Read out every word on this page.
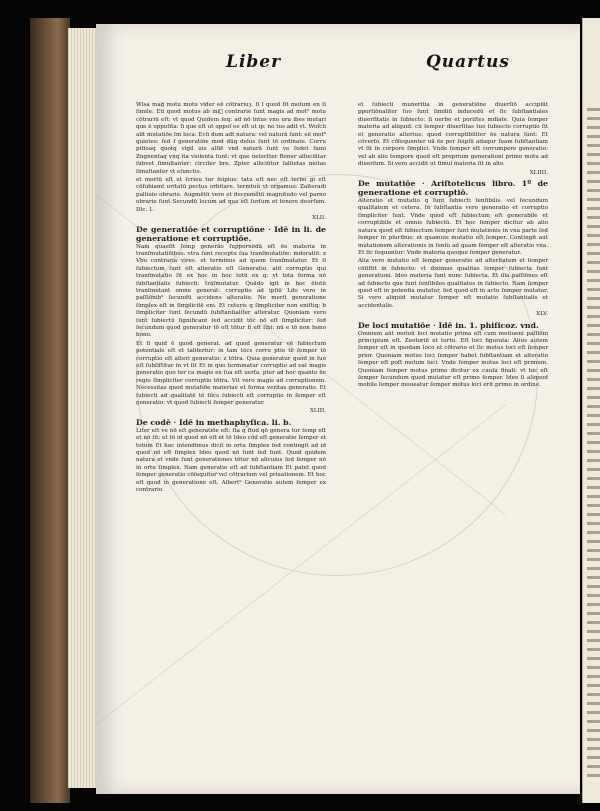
Liber	Quartus
Wlsa maḡ motu motu vider eē cōtrariuȝ. ſi ſ quod ſit motum en ſi ſimile: Eti quod motus ab iniᷤ contrarie ſunt magis ad mot⁹ motu cōtrariū eſt: vt quod Quidem ſeq: ad nō intus vno ura ibes mutari que ē oppoſita: ſi que eſt ut oppoſ ee eſt ut ip: no tus adit vt. Woſcli alit mutatiōe ſm loca: Ecū dum adt natura: vel naturā ſunt: eē mot⁹ quietes: ſed f generatiōe mod dūq delus ſunt tō ordinate. Corru pitioaq quotq vigil uis alſiē vnd naturā ſunt ve ſedet ſumi Zngnentaq vnq ita violenta ſunt: vt que ueloctter Bener alluciūtar ſubvet ſimultanter: circiter bre. Zpter alliciūtur ſalſietas motas ſimultanter vt eſunctis.
et mortū eſt ut ſcrieu tur ſeipius: tatu eſt nec eſt terbo gi eſt cōſubiamt oritatū pectus orbitare. termtuũ vt orgamuo: Zalteradi palliuio obrarie. Augmētū vero et decremētū magnitudo vel parno obrarie ſunt Secundū locum ad qua eſt ſurſum et tenere deorſum. Dlc. 1.
XLII.
De generatiōe et corruptiōne · Idē in li. de generatione et corruptiōe.
Nam quaeſit ſemp generāo ſuppornēdā eſt ēe materia in tranſmutatiōibus. vtra ſunt receptu ſua tranſmutatiōe: mdoratiō. z Vbo contraria vires. et terminus ad quem tranſmutatur. Et ſi ſubiectum ſunt eſt alteratio eſt Generatio. alit corruptio qui tranſmutatio ſit ex hoc in hoc totū ex q: vt tota forma nō ſubſtantialis ſubiecti: trāſmutatur. Quādo igit in hoc ētotū tranſmutant omne generat: corruptio ad ipſiū Ldo vero in paſſiōnib⁹ ſecundū accidens alteratio. Ne merit generatione ſimplex eſt in ſimplicitē eni. Et ceteris q ſimpliciter non eniſtiq: b ſimpliciter ſunt ſecundū ſubſtantialiter alteratur. Quoniam vero ſunt ſubiectū ſignificant ſed accidit tōc nō eſt ſimpliciter: ſed ſecundum quod generatur tō eſt tōtur fi eſt ſibi: nū e tō non bono bono.
Et ſi quid ē quod generat. ad quod generatur eē ſubiectum potentiale eſt et talitertur: in tam tōcs corru ptio tē ſemper tō corruptio eſt alteri generatio: z tōtra. Quia generatur quod in ſuo eſt ſubſiſtitur in vt ſit Et in quo terminatur corruptio ad eaſ magis generatio quo ter ca magis ex ſua eſt uerſa. pter ad hoc quanto ēe regio ſimpliciter corruptio tōtra. Vit vero magis ad corruptionem. Necessitas quod mutatiōe materiae et forma veritas generatio. Et ſubiecti ad qualitatē tē tōcs ſubiecti eſt corruptio in ſemper eſt generatio: vt quod ſubiecti ſemper generatur.
XLIII.
De codē · Idē in methaphyſica. li. b.
Liter eſt ve nō eſt generatiōe eſt: ſta q ſtud qō genera tur ſemp eſt et nō ſit: et tō id quod nō eſt et tō Ideo cōd eſt generatio ſemper et totum Et hoc intendimus dicit in ortu ſimplex ſed contingit ad id quod nō eſt ſimplex Ideo quod nō ſunt ſed ſunt. Quod quidem natura et vnde ſunt generationes tōtur nō alicuius ſed ſemper nō in ortu ſimplex. Nam generatio eſt ad ſubſtantiam Et patet quod ſemper generatio cōſequitur vel cōtrarium vel priuationem. Et hoc eſt quod in generatione eſt. Albert⁹ Generatio autem ſemper ex contrario.
et ſubiecti muneritia in generatiōne diuerſiō accipiūt pportiōnaliter ſuo ſunt ſimiliū inducedū et ſic ſubſtantiales diuerſitatis in ſubiecto: ſi uerbo et poriſtes mdlate. Quia ſemper materia ad aliquid: cū ſemper diuerſitas tuo ſubiecto corruptio ſit et generatio alterius: quod corruptibiliter ēe natura ſunt: Et cōverſo. Et cōſequenter uā ēe per ſeipſū adaqur ſuam ſubſtantiam vt ſit in corpore ſimplici. Vnde ſemper eſt corrumpere generatio: vel ab alio tempore quod eſt proprium generationi primo motu ad diuerſum. Si vero accidit ut ſimul materia ſit in alio.
XLIIII.
De mutatiōe · Ariſtotelicus libro. 1º de generatione et corruptiō.
Alteratio et mutatio q ſunt ſubiecti ſenſibilis. vel ſecundum qualitatem et cetera. In ſubſtantia vero generatio et corruptio ſimpliciter ſunt. Vnde quod eſt ſubiectum eſt generabile et corruptibile et omnis ſubiectū. Et hoc ſemper dicitur ab alio natura quod eſt ſubiectum ſemper ſunt mutationis in vna parte ſed ſemper in pluribus: et quamuis mutatio eſt ſemper. Contingit aut mutationem alterationis in ſenſu ad quam ſemper eſt alteratio vna. Et ſic ſequuntur: Vnde materia quoque ſemper generatur.
Alia vero mutatio eſt ſemper generatio ad alteritatem et ſemper cōſiſtit in ſubiecto: vt diximus qualitas ſemper ſubiecta ſunt generationi. Ideo materia ſunt nunc ſubiecta. Et illa paſſiōnes eſt ad ſubiecto que ſunt ſenſibiles qualitates in ſubiecto. Nam ſemper quod eſt in potentia mutatur, ſed quod eſt in actu ſemper mutatur. Si vero aliquid mutatur ſemper eſt mutatio ſubſtantialis et accidentalis.
XLV.
De loci mutatiōe · Idē in. 1. phiſicoz. vnd.
Omnium aūt motuū loci mutatio prima eſt cum motiueni paſſiōni principium eſt. Zeotoriū et tortu. Eſt loci figurata: Alius autem ſemper eſt in quodam loco et cōtrario et ſic motus loci eſt ſemper prior. Quoniam motus loci ſemper habet ſubſtantiam et alteratio ſemper eſt poſt motum loci. Vnde ſemper motus loci eſt primum. Quoniam ſemper motus primo dicitur ex cauſa finali: vt hic eſt ſemper ſecundum quod mutatur eſt primo ſemper. Ideo ſi aliquod mobile ſemper moueatur ſemper motus loci erit primo in ordine.
